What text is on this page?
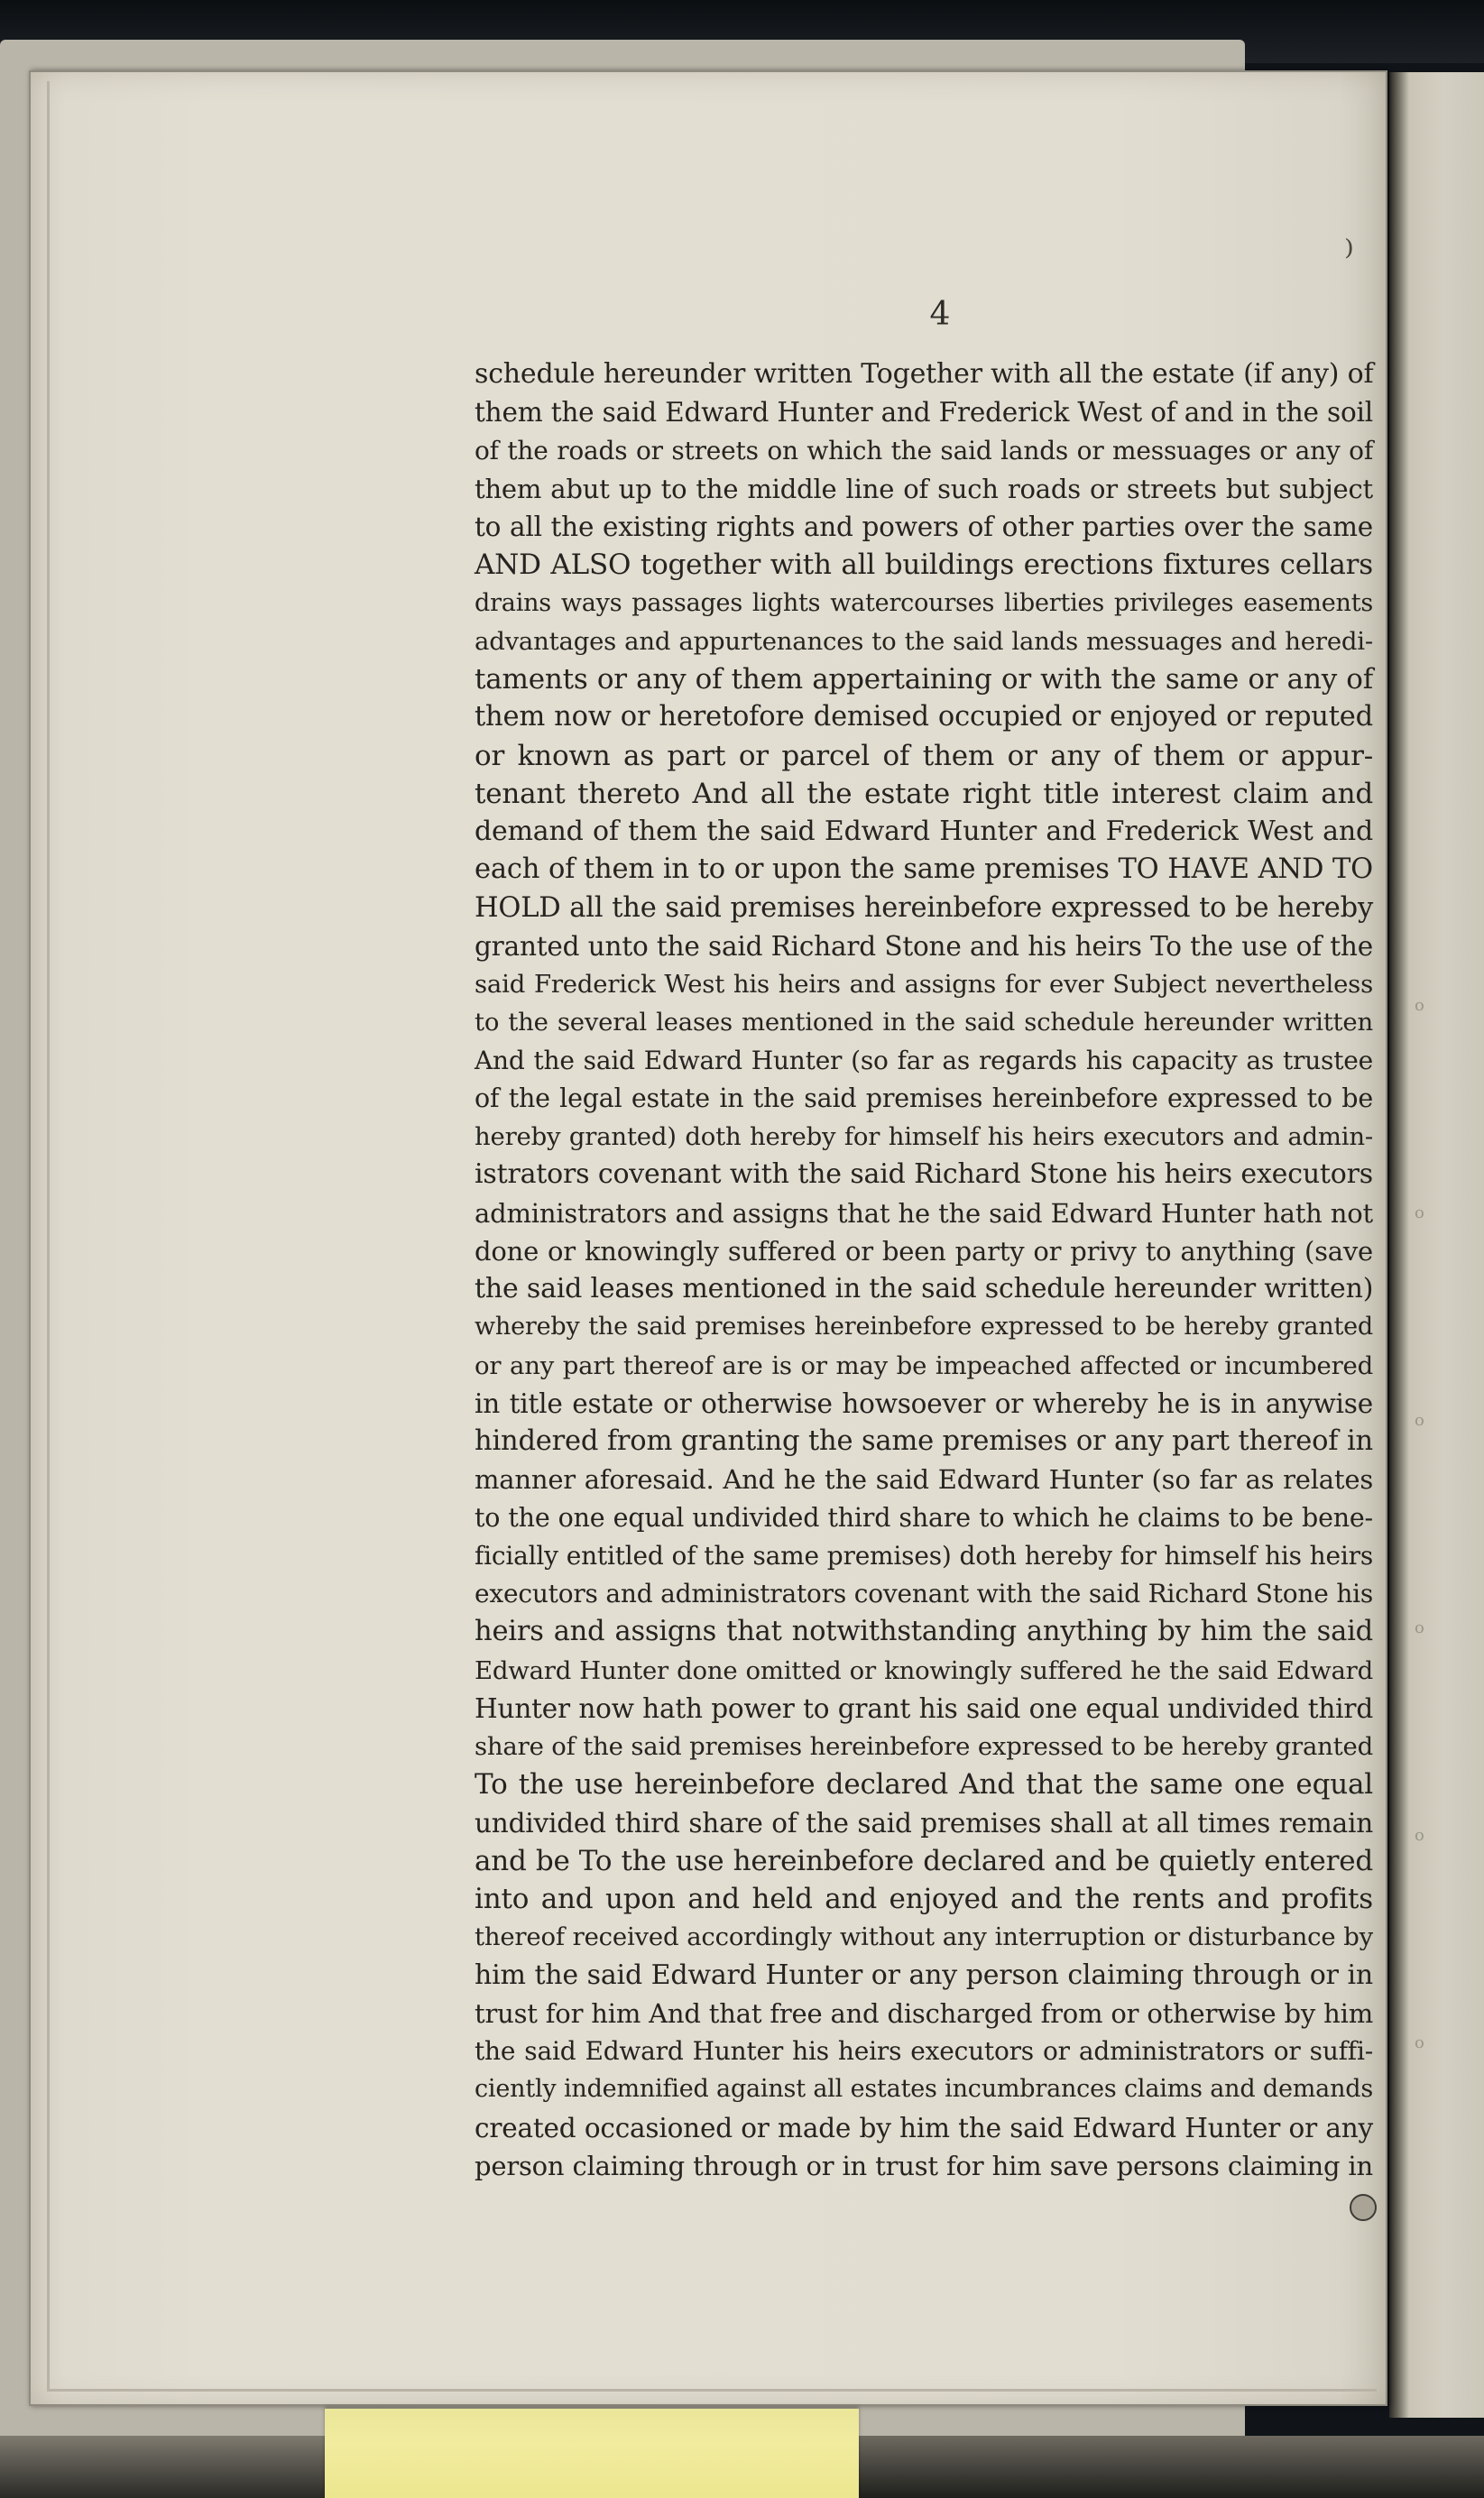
o o o o o o
⁾
4
schedule hereunder written Together with all the estate (if any) of
them the said Edward Hunter and Frederick West of and in the soil
of the roads or streets on which the said lands or messuages or any of
them abut up to the middle line of such roads or streets but subject
to all the existing rights and powers of other parties over the same
AND ALSO together with all buildings erections fixtures cellars
drains ways passages lights watercourses liberties privileges easements
advantages and appurtenances to the said lands messuages and heredi-
taments or any of them appertaining or with the same or any of
them now or heretofore demised occupied or enjoyed or reputed
or known as part or parcel of them or any of them or appur-
tenant thereto And all the estate right title interest claim and
demand of them the said Edward Hunter and Frederick West and
each of them in to or upon the same premises TO HAVE AND TO
HOLD all the said premises hereinbefore expressed to be hereby
granted unto the said Richard Stone and his heirs To the use of the
said Frederick West his heirs and assigns for ever Subject nevertheless
to the several leases mentioned in the said schedule hereunder written
And the said Edward Hunter (so far as regards his capacity as trustee
of the legal estate in the said premises hereinbefore expressed to be
hereby granted) doth hereby for himself his heirs executors and admin-
istrators covenant with the said Richard Stone his heirs executors
administrators and assigns that he the said Edward Hunter hath not
done or knowingly suffered or been party or privy to anything (save
the said leases mentioned in the said schedule hereunder written)
whereby the said premises hereinbefore expressed to be hereby granted
or any part thereof are is or may be impeached affected or incumbered
in title estate or otherwise howsoever or whereby he is in anywise
hindered from granting the same premises or any part thereof in
manner aforesaid. And he the said Edward Hunter (so far as relates
to the one equal undivided third share to which he claims to be bene-
ficially entitled of the same premises) doth hereby for himself his heirs
executors and administrators covenant with the said Richard Stone his
heirs and assigns that notwithstanding anything by him the said
Edward Hunter done omitted or knowingly suffered he the said Edward
Hunter now hath power to grant his said one equal undivided third
share of the said premises hereinbefore expressed to be hereby granted
To the use hereinbefore declared And that the same one equal
undivided third share of the said premises shall at all times remain
and be To the use hereinbefore declared and be quietly entered
into and upon and held and enjoyed and the rents and profits
thereof received accordingly without any interruption or disturbance by
him the said Edward Hunter or any person claiming through or in
trust for him And that free and discharged from or otherwise by him
the said Edward Hunter his heirs executors or administrators or suffi-
ciently indemnified against all estates incumbrances claims and demands
created occasioned or made by him the said Edward Hunter or any
person claiming through or in trust for him save persons claiming in
